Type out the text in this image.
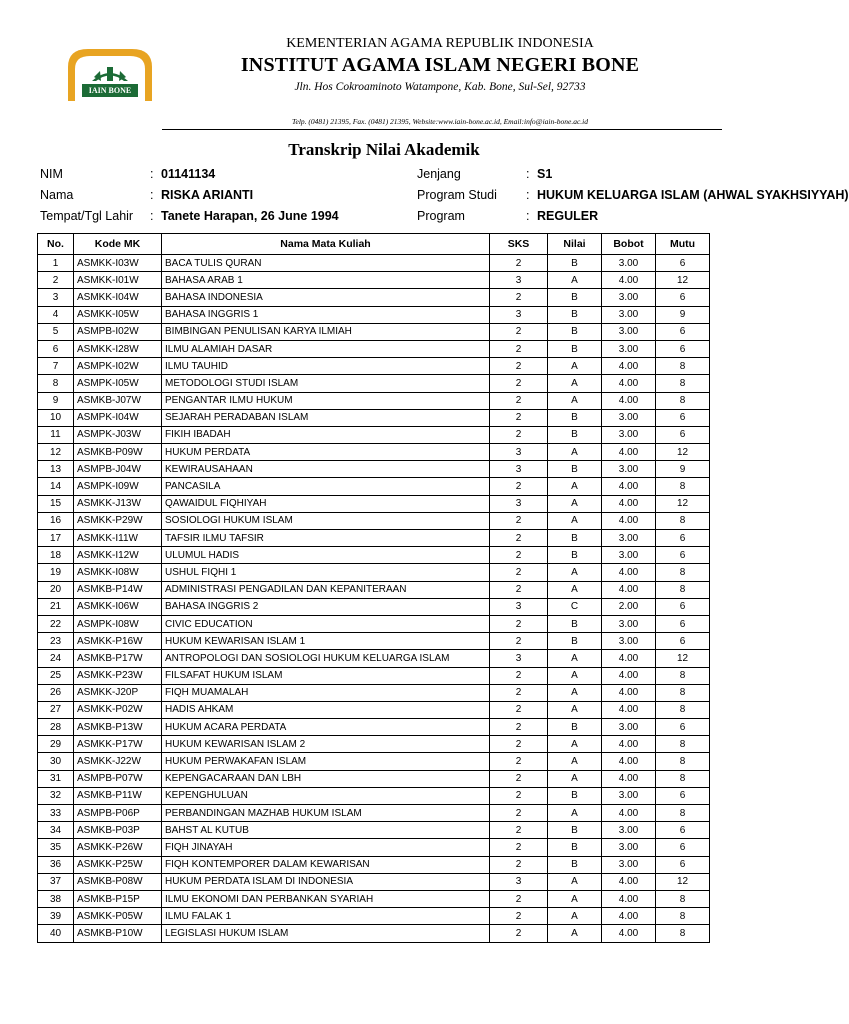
IAIN BONE
KEMENTERIAN AGAMA REPUBLIK INDONESIA
INSTITUT AGAMA ISLAM NEGERI BONE
Jln. Hos Cokroaminoto Watampone, Kab. Bone, Sul-Sel, 92733
Telp. (0481) 21395, Fax. (0481) 21395, Website:www.iain-bone.ac.id, Email:info@iain-bone.ac.id
Transkrip Nilai Akademik
NIM	: 01141134
Nama	: RISKA ARIANTI
Tempat/Tgl Lahir : Tanete Harapan, 26 June 1994
Jenjang	: S1
Program Studi : HUKUM KELUARGA ISLAM (AHWAL SYAKHSIYYAH)
Program	: REGULER
No.	Kode MK	Nama Mata Kuliah	SKS	Nilai	Bobot	Mutu
1	ASMKK-I03W	BACA TULIS QURAN	2	B	3.00	6
2	ASMKK-I01W	BAHASA ARAB 1	3	A	4.00	12
3	ASMKK-I04W	BAHASA INDONESIA	2	B	3.00	6
4	ASMKK-I05W	BAHASA INGGRIS 1	3	B	3.00	9
5	ASMPB-I02W	BIMBINGAN PENULISAN KARYA ILMIAH	2	B	3.00	6
6	ASMKK-I28W	ILMU ALAMIAH DASAR	2	B	3.00	6
7	ASMPK-I02W	ILMU TAUHID	2	A	4.00	8
8	ASMPK-I05W	METODOLOGI STUDI ISLAM	2	A	4.00	8
9	ASMKB-J07W	PENGANTAR ILMU HUKUM	2	A	4.00	8
10	ASMPK-I04W	SEJARAH PERADABAN ISLAM	2	B	3.00	6
11	ASMPK-J03W	FIKIH IBADAH	2	B	3.00	6
12	ASMKB-P09W	HUKUM PERDATA	3	A	4.00	12
13	ASMPB-J04W	KEWIRAUSAHAAN	3	B	3.00	9
14	ASMPK-I09W	PANCASILA	2	A	4.00	8
15	ASMKK-J13W	QAWAIDUL FIQHIYAH	3	A	4.00	12
16	ASMKK-P29W	SOSIOLOGI HUKUM ISLAM	2	A	4.00	8
17	ASMKK-I11W	TAFSIR ILMU TAFSIR	2	B	3.00	6
18	ASMKK-I12W	ULUMUL HADIS	2	B	3.00	6
19	ASMKK-I08W	USHUL FIQHI 1	2	A	4.00	8
20	ASMKB-P14W	ADMINISTRASI PENGADILAN DAN KEPANITERAAN	2	A	4.00	8
21	ASMKK-I06W	BAHASA INGGRIS 2	3	C	2.00	6
22	ASMPK-I08W	CIVIC EDUCATION	2	B	3.00	6
23	ASMKK-P16W	HUKUM KEWARISAN ISLAM 1	2	B	3.00	6
24	ASMKB-P17W	ANTROPOLOGI DAN SOSIOLOGI HUKUM KELUARGA ISLAM	3	A	4.00	12
25	ASMKK-P23W	FILSAFAT HUKUM ISLAM	2	A	4.00	8
26	ASMKK-J20P	FIQH MUAMALAH	2	A	4.00	8
27	ASMKK-P02W	HADIS AHKAM	2	A	4.00	8
28	ASMKB-P13W	HUKUM ACARA PERDATA	2	B	3.00	6
29	ASMKK-P17W	HUKUM KEWARISAN ISLAM 2	2	A	4.00	8
30	ASMKK-J22W	HUKUM PERWAKAFAN ISLAM	2	A	4.00	8
31	ASMPB-P07W	KEPENGACARAAN DAN LBH	2	A	4.00	8
32	ASMKB-P11W	KEPENGHULUAN	2	B	3.00	6
33	ASMPB-P06P	PERBANDINGAN MAZHAB HUKUM ISLAM	2	A	4.00	8
34	ASMKB-P03P	BAHST AL KUTUB	2	B	3.00	6
35	ASMKK-P26W	FIQH JINAYAH	2	B	3.00	6
36	ASMKK-P25W	FIQH KONTEMPORER DALAM KEWARISAN	2	B	3.00	6
37	ASMKB-P08W	HUKUM PERDATA ISLAM DI INDONESIA	3	A	4.00	12
38	ASMKB-P15P	ILMU EKONOMI DAN PERBANKAN SYARIAH	2	A	4.00	8
39	ASMKK-P05W	ILMU FALAK 1	2	A	4.00	8
40	ASMKB-P10W	LEGISLASI HUKUM ISLAM	2	A	4.00	8
